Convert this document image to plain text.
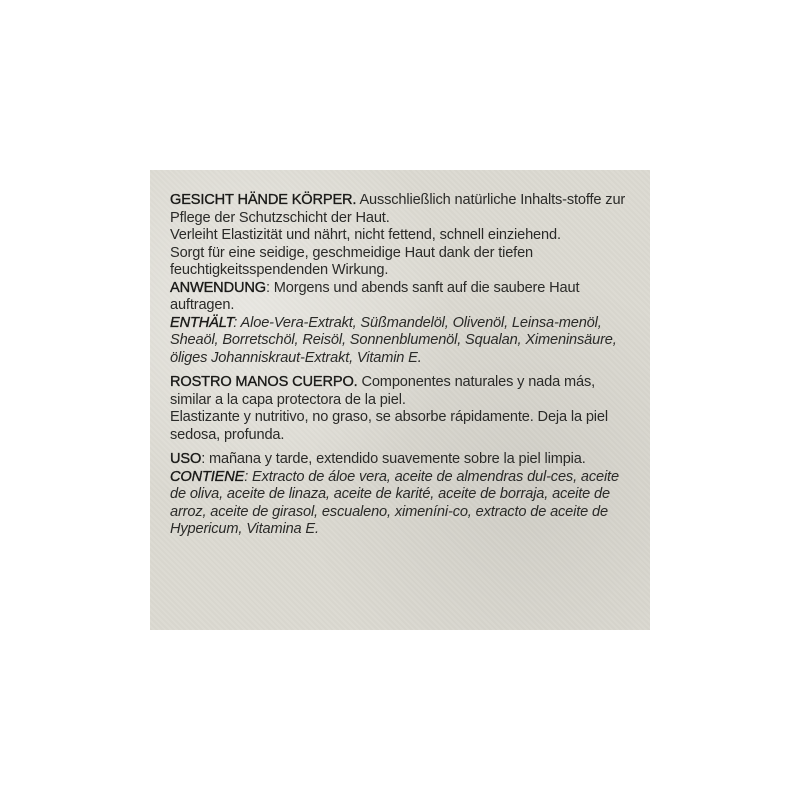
GESICHT HÄNDE KÖRPER. Ausschließlich natürliche Inhalts-stoffe zur Pflege der Schutzschicht der Haut.

Verleiht Elastizität und nährt, nicht fettend, schnell einziehend.

Sorgt für eine seidige, geschmeidige Haut dank der tiefen feuchtigkeitsspendenden Wirkung.

ANWENDUNG: Morgens und abends sanft auf die saubere Haut auftragen.

ENTHÄLT: Aloe-Vera-Extrakt, Süßmandelöl, Olivenöl, Leinsa-menöl, Sheaöl, Borretschöl, Reisöl, Sonnenblumenöl, Squalan, Ximeninsäure, öliges Johanniskraut-Extrakt, Vitamin E.

ROSTRO MANOS CUERPO. Componentes naturales y nada más, similar a la capa protectora de la piel.

Elastizante y nutritivo, no graso, se absorbe rápidamente. Deja la piel sedosa, profunda.

USO: mañana y tarde, extendido suavemente sobre la piel limpia.

CONTIENE: Extracto de áloe vera, aceite de almendras dul-ces, aceite de oliva, aceite de linaza, aceite de karité, aceite de borraja, aceite de arroz, aceite de girasol, escualeno, ximeníni-co, extracto de aceite de Hypericum, Vitamina E.
